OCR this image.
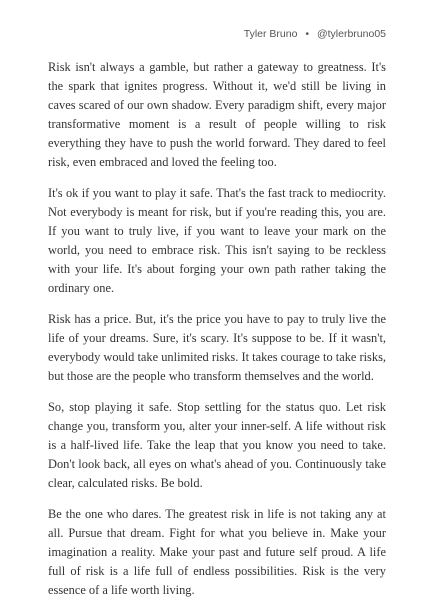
Tyler Bruno • @tylerbruno05

Risk isn't always a gamble, but rather a gateway to greatness. It's the spark that ignites progress. Without it, we'd still be living in caves scared of our own shadow. Every paradigm shift, every major transformative moment is a result of people willing to risk everything they have to push the world forward. They dared to feel risk, even embraced and loved the feeling too.

It's ok if you want to play it safe. That's the fast track to mediocrity. Not everybody is meant for risk, but if you're reading this, you are. If you want to truly live, if you want to leave your mark on the world, you need to embrace risk. This isn't saying to be reckless with your life. It's about forging your own path rather taking the ordinary one.

Risk has a price. But, it's the price you have to pay to truly live the life of your dreams. Sure, it's scary. It's suppose to be. If it wasn't, everybody would take unlimited risks. It takes courage to take risks, but those are the people who transform themselves and the world.

So, stop playing it safe. Stop settling for the status quo. Let risk change you, transform you, alter your inner-self. A life without risk is a half-lived life. Take the leap that you know you need to take. Don't look back, all eyes on what's ahead of you. Continuously take clear, calculated risks. Be bold.

Be the one who dares. The greatest risk in life is not taking any at all. Pursue that dream. Fight for what you believe in. Make your imagination a reality. Make your past and future self proud. A life full of risk is a life full of endless possibilities. Risk is the very essence of a life worth living.
